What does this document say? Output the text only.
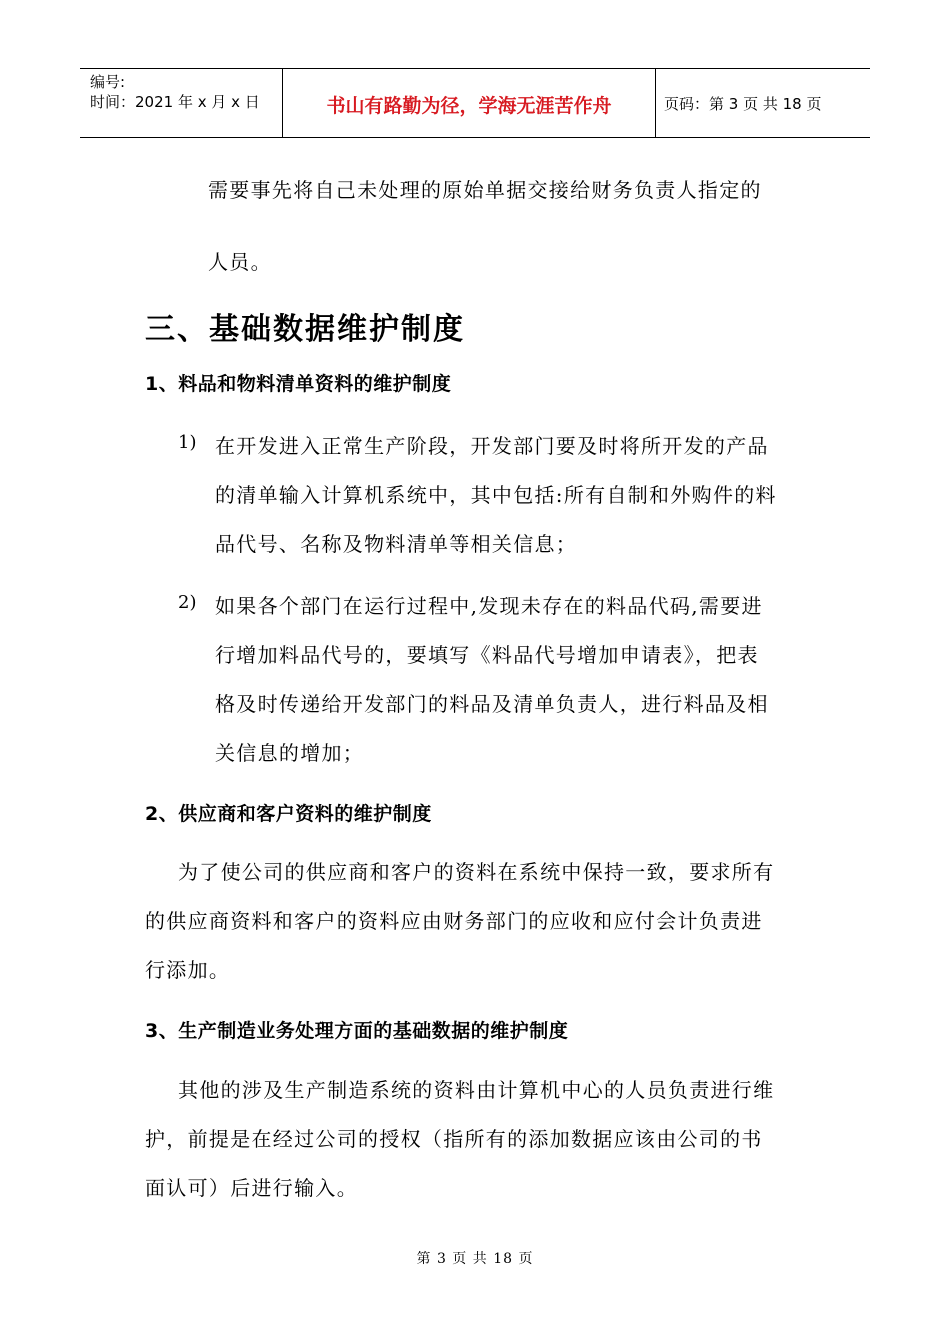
编号:
时间：2021 年 x 月 x 日	书山有路勤为径，学海无涯苦作舟	页码：第 3 页 共 18 页
需要事先将自己未处理的原始单据交接给财务负责人指定的
人员。
三、基础数据维护制度
1、料品和物料清单资料的维护制度
1) 在开发进入正常生产阶段，开发部门要及时将所开发的产品
的清单输入计算机系统中，其中包括:所有自制和外购件的料
品代号、名称及物料清单等相关信息；
2) 如果各个部门在运行过程中,发现未存在的料品代码,需要进
行增加料品代号的，要填写《料品代号增加申请表》，把表
格及时传递给开发部门的料品及清单负责人，进行料品及相
关信息的增加；
2、供应商和客户资料的维护制度
为了使公司的供应商和客户的资料在系统中保持一致，要求所有
的供应商资料和客户的资料应由财务部门的应收和应付会计负责进
行添加。
3、生产制造业务处理方面的基础数据的维护制度
其他的涉及生产制造系统的资料由计算机中心的人员负责进行维
护，前提是在经过公司的授权（指所有的添加数据应该由公司的书
面认可）后进行输入。
第 3 页 共 18 页
